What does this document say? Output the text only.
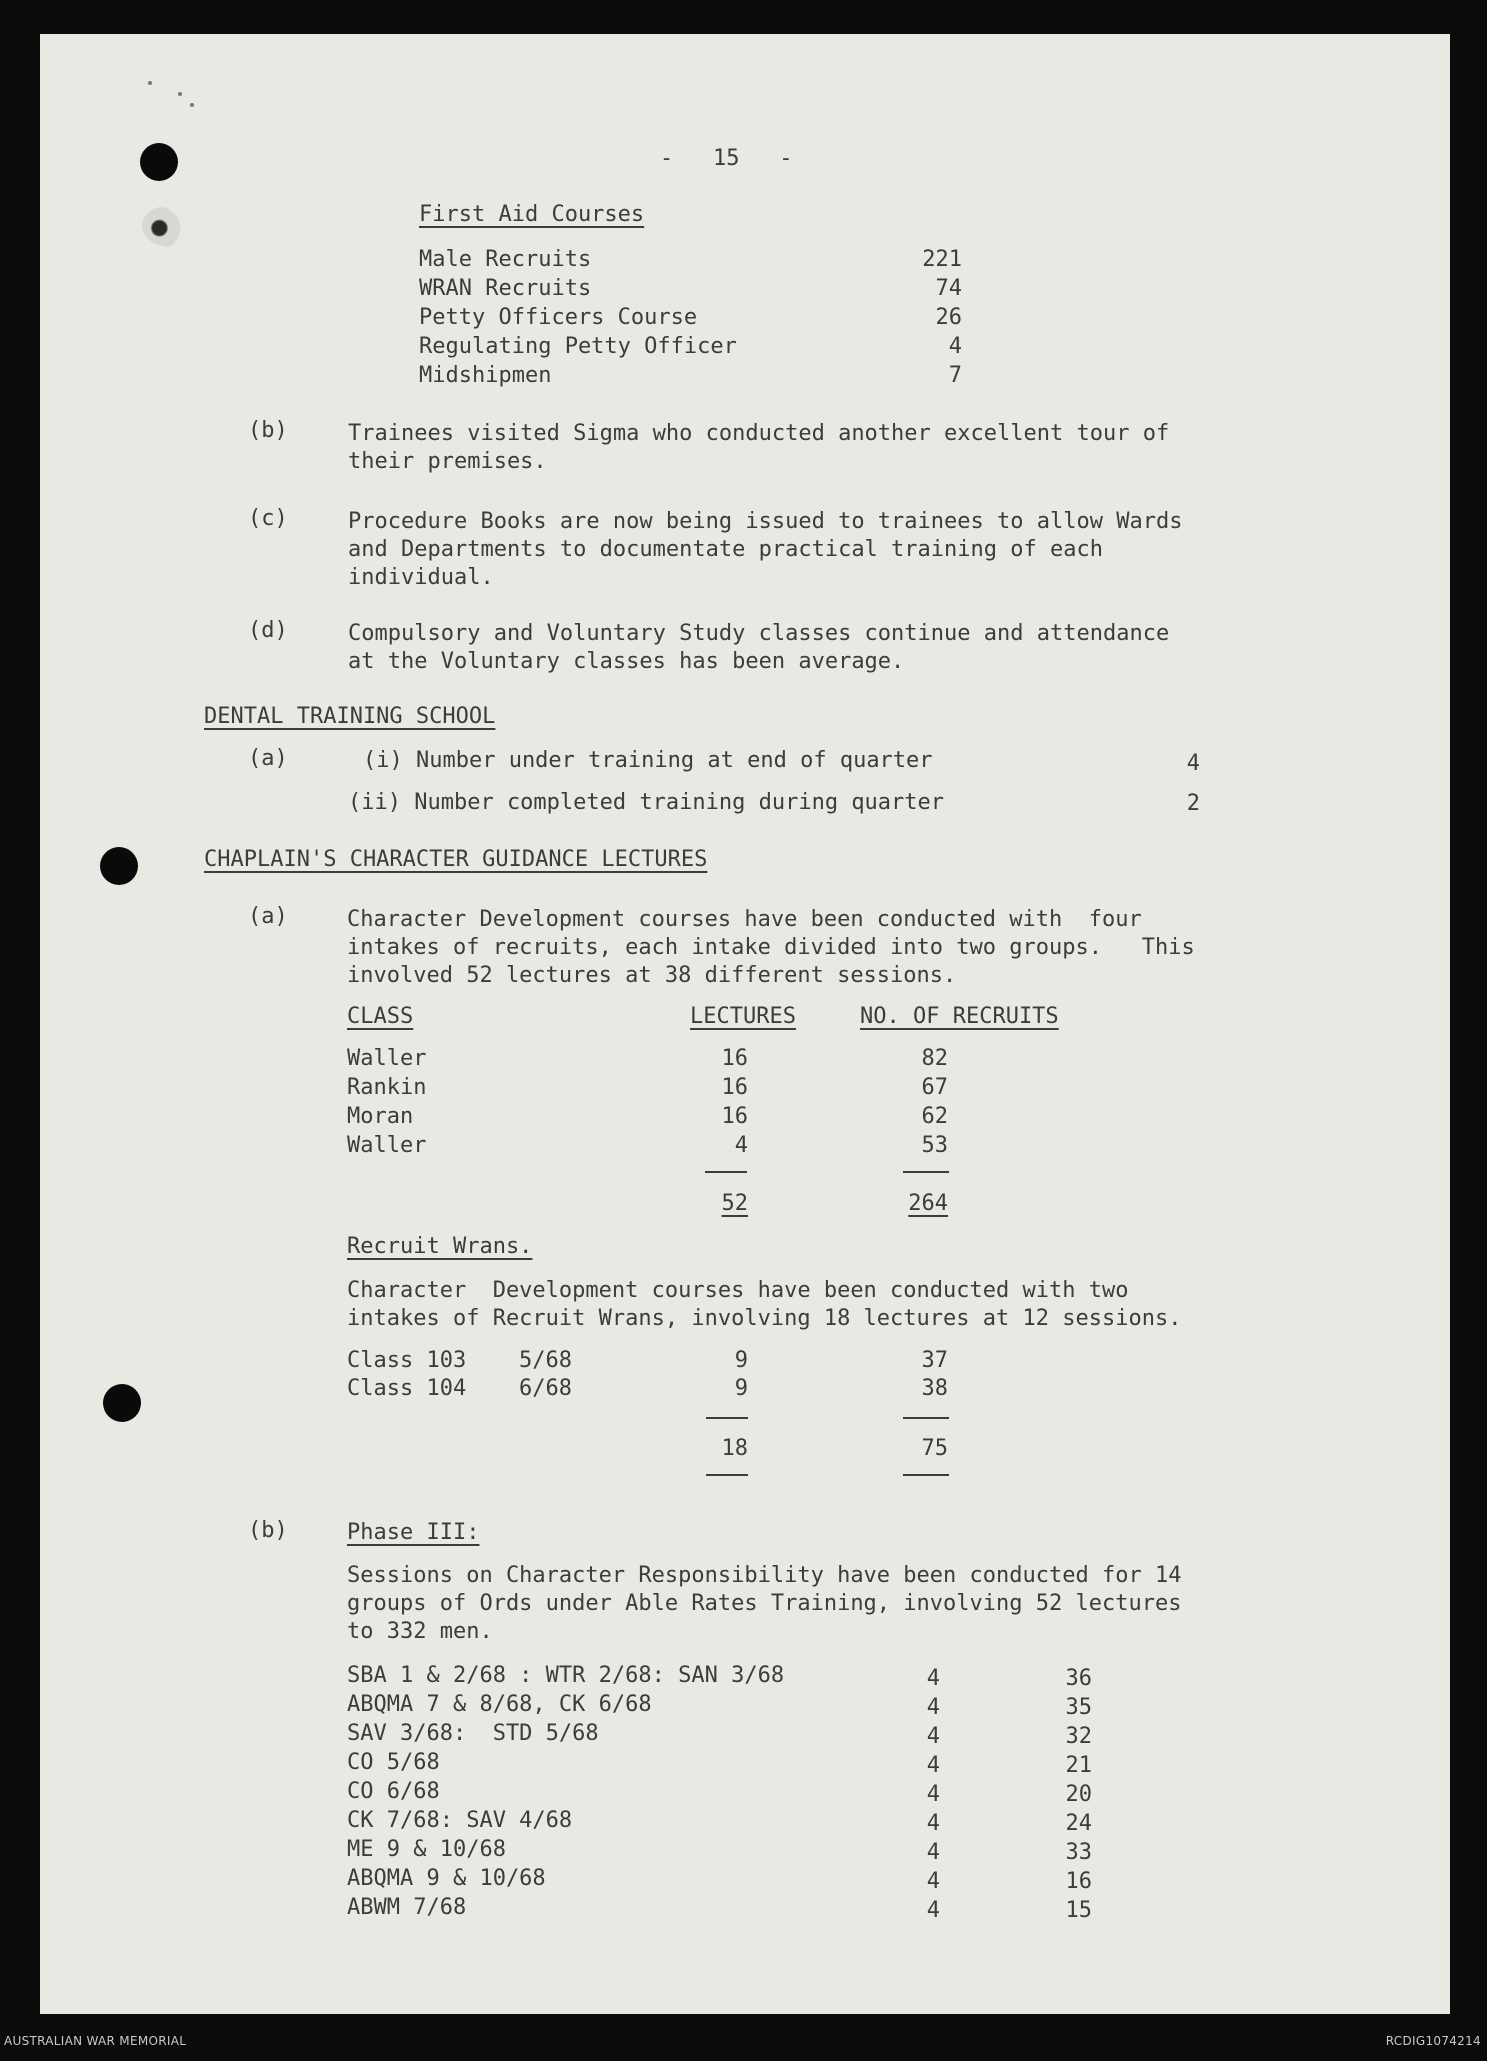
-   15   -
First Aid Courses
Male Recruits	221
WRAN Recruits	74
Petty Officers Course	26
Regulating Petty Officer	4
Midshipmen	7
(b)	Trainees visited Sigma who conducted another excellent tour of
their premises.
(c)	Procedure Books are now being issued to trainees to allow Wards
and Departments to documentate practical training of each
individual.
(d)	Compulsory and Voluntary Study classes continue and attendance
at the Voluntary classes has been average.
DENTAL TRAINING SCHOOL
(a)	(i) Number under training at end of quarter	4
(ii) Number completed training during quarter	2
CHAPLAIN'S CHARACTER GUIDANCE LECTURES
(a)	Character Development courses have been conducted with  four
intakes of recruits, each intake divided into two groups.   This
involved 52 lectures at 38 different sessions.
CLASS	LECTURES	NO. OF RECRUITS
Waller	16	82
Rankin	16	67
Moran	16	62
Waller	4	53
52	264
Recruit Wrans.
Character  Development courses have been conducted with two
intakes of Recruit Wrans, involving 18 lectures at 12 sessions.
Class 103 5/68	9	37
Class 104 6/68	9	38
18	75
(b)	Phase III:
Sessions on Character Responsibility have been conducted for 14
groups of Ords under Able Rates Training, involving 52 lectures
to 332 men.
SBA 1 & 2/68 : WTR 2/68: SAN 3/68	4	36
ABQMA 7 & 8/68, CK 6/68	4	35
SAV 3/68:  STD 5/68	4	32
CO 5/68	4	21
CO 6/68	4	20
CK 7/68: SAV 4/68	4	24
ME 9 & 10/68	4	33
ABQMA 9 & 10/68	4	16
ABWM 7/68	4	15
AUSTRALIAN WAR MEMORIAL	RCDIG1074214
